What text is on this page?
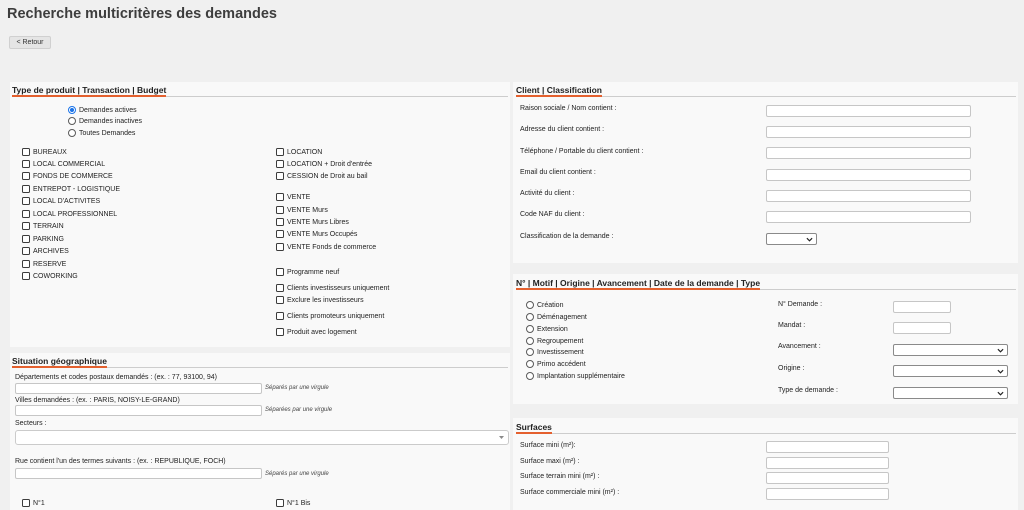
Recherche multicritères des demandes
< Retour
Type de produit | Transaction | Budget
Demandes actives
Demandes inactives
Toutes Demandes
BUREAUX
LOCAL COMMERCIAL
FONDS DE COMMERCE
ENTREPOT - LOGISTIQUE
LOCAL D'ACTIVITES
LOCAL PROFESSIONNEL
TERRAIN
PARKING
ARCHIVES
RESERVE
COWORKING
LOCATION
LOCATION + Droit d'entrée
CESSION de Droit au bail
VENTE
VENTE Murs
VENTE Murs Libres
VENTE Murs Occupés
VENTE Fonds de commerce
Programme neuf
Clients investisseurs uniquement
Exclure les investisseurs
Clients promoteurs uniquement
Produit avec logement
Situation géographique
Départements et codes postaux demandés : (ex. : 77, 93100, 94)
Séparés par une virgule
Villes demandées : (ex. : PARIS, NOISY-LE-GRAND)
Séparées par une virgule
Secteurs :
Rue contient l'un des termes suivants : (ex. : REPUBLIQUE, FOCH)
Séparés par une virgule
N°1	N°1 Bis
Client | Classification
Raison sociale / Nom contient :
Adresse du client contient :
Téléphone / Portable du client contient :
Email du client contient :
Activité du client :
Code NAF du client :
Classification de la demande :
N° | Motif | Origine | Avancement | Date de la demande | Type
Création
Déménagement
Extension
Regroupement
Investissement
Primo accédent
Implantation supplémentaire
N° Demande :
Mandat :
Avancement :
Origine :
Type de demande :
Surfaces
Surface mini (m²):
Surface maxi (m²) :
Surface terrain mini (m²) :
Surface commerciale mini (m²) :
